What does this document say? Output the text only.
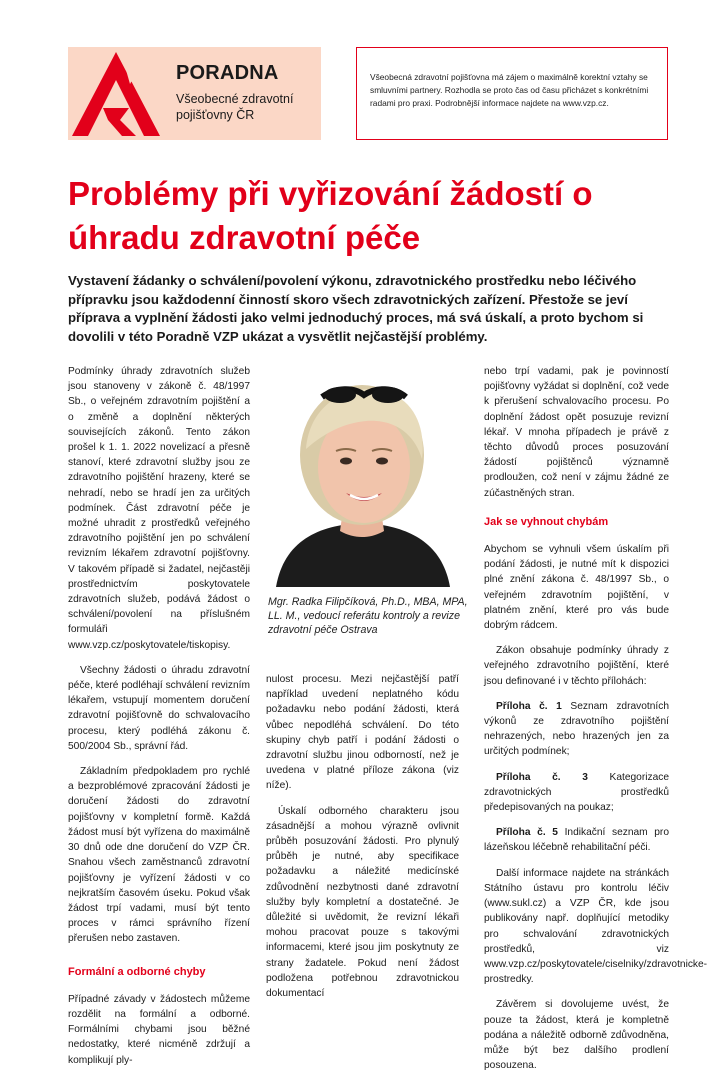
PORADNA
Všeobecné zdravotní pojišťovny ČR
Všeobecná zdravotní pojišťovna má zájem o maximálně korektní vztahy se smluvními partnery. Rozhodla se proto čas od času přicházet s konkrétními radami pro praxi. Podrobnější informace najdete na www.vzp.cz.
Problémy při vyřizování žádostí o úhradu zdravotní péče
Vystavení žádanky o schválení/povolení výkonu, zdravotnického prostředku nebo léčivého přípravku jsou každodenní činností skoro všech zdravotnických zařízení. Přestože se jeví příprava a vyplnění žádosti jako velmi jednoduchý proces, má svá úskalí, a proto bychom si dovolili v této Poradně VZP ukázat a vysvětlit nejčastější problémy.

Podmínky úhrady zdravotních služeb jsou stanoveny v zákoně č. 48/1997 Sb., o veřejném zdravotním pojištění a o změně a doplnění některých souvisejících zákonů. Tento zákon prošel k 1. 1. 2022 novelizací a přesně stanoví, které zdravotní služby jsou ze zdravotního pojištění hrazeny, které se nehradí, nebo se hradí jen za určitých podmínek. Část zdravotní péče je možné uhradit z prostředků veřejného zdravotního pojištění jen po schválení revizním lékařem zdravotní pojišťovny. V takovém případě si žadatel, nejčastěji prostřednictvím poskytovatele zdravotních služeb, podává žádost o schválení/povolení na příslušném formuláři www.vzp.cz/poskytovatele/tiskopisy.

Všechny žádosti o úhradu zdravotní péče, které podléhají schválení revizním lékařem, vstupují momentem doručení zdravotní pojišťovně do schvalovacího procesu, který podléhá zákonu č. 500/2004 Sb., správní řád.

Základním předpokladem pro rychlé a bezproblémové zpracování žádosti je doručení žádosti do zdravotní pojišťovny v kompletní formě. Každá žádost musí být vyřízena do maximálně 30 dnů ode dne doručení do VZP ČR. Snahou všech zaměstnanců zdravotní pojišťovny je vyřízení žádosti v co nejkratším časovém úseku. Pokud však žádost trpí vadami, musí být tento proces v rámci správního řízení přerušen nebo zastaven.

Formální a odborné chyby

Případné závady v žádostech můžeme rozdělit na formální a odborné. Formálními chybami jsou běžné nedostatky, které nicméně zdržují a komplikují ply-

Mgr. Radka Filipčíková, Ph.D., MBA, MPA, LL. M., vedoucí referátu kontroly a revize zdravotní péče Ostrava

nulost procesu. Mezi nejčastější patří například uvedení neplatného kódu požadavku nebo podání žádosti, která vůbec nepodléhá schválení. Do této skupiny chyb patří i podání žádosti o zdravotní službu jinou odborností, než je uvedena v platné příloze zákona (viz níže).

Úskalí odborného charakteru jsou zásadnější a mohou výrazně ovlivnit průběh posuzování žádosti. Pro plynulý průběh je nutné, aby specifikace požadavku a náležité medicínské zdůvodnění nezbytnosti dané zdravotní služby byly kompletní a dostatečné. Je důležité si uvědomit, že revizní lékaři mohou pracovat pouze s takovými informacemi, které jsou jim poskytnuty ze strany žadatele. Pokud není žádost podložena potřebnou zdravotnickou dokumentací

nebo trpí vadami, pak je povinností pojišťovny vyžádat si doplnění, což vede k přerušení schvalovacího procesu. Po doplnění žádost opět posuzuje revizní lékař. V mnoha případech je právě z těchto důvodů proces posuzování žádostí pojištěnců významně prodloužen, což není v zájmu žádné ze zúčastněných stran.

Jak se vyhnout chybám

Abychom se vyhnuli všem úskalím při podání žádosti, je nutné mít k dispozici plné znění zákona č. 48/1997 Sb., o veřejném zdravotním pojištění, v platném znění, které pro vás bude dobrým rádcem.

Zákon obsahuje podmínky úhrady z veřejného zdravotního pojištění, které jsou definované i v těchto přílohách:

Příloha č. 1 Seznam zdravotních výkonů ze zdravotního pojištění nehrazených, nebo hrazených jen za určitých podmínek;

Příloha č. 3 Kategorizace zdravotnických prostředků předepisovaných na poukaz;

Příloha č. 5 Indikační seznam pro lázeňskou léčebně rehabilitační péči.

Další informace najdete na stránkách Státního ústavu pro kontrolu léčiv (www.sukl.cz) a VZP ČR, kde jsou publikovány např. doplňující metodiky pro schvalování zdravotnických prostředků, viz www.vzp.cz/poskytovatele/ciselniky/zdravotnicke-prostredky.

Závěrem si dovolujeme uvést, že pouze ta žádost, která je kompletně podána a náležitě odborně zdůvodněna, může být bez dalšího prodlení posouzena.
